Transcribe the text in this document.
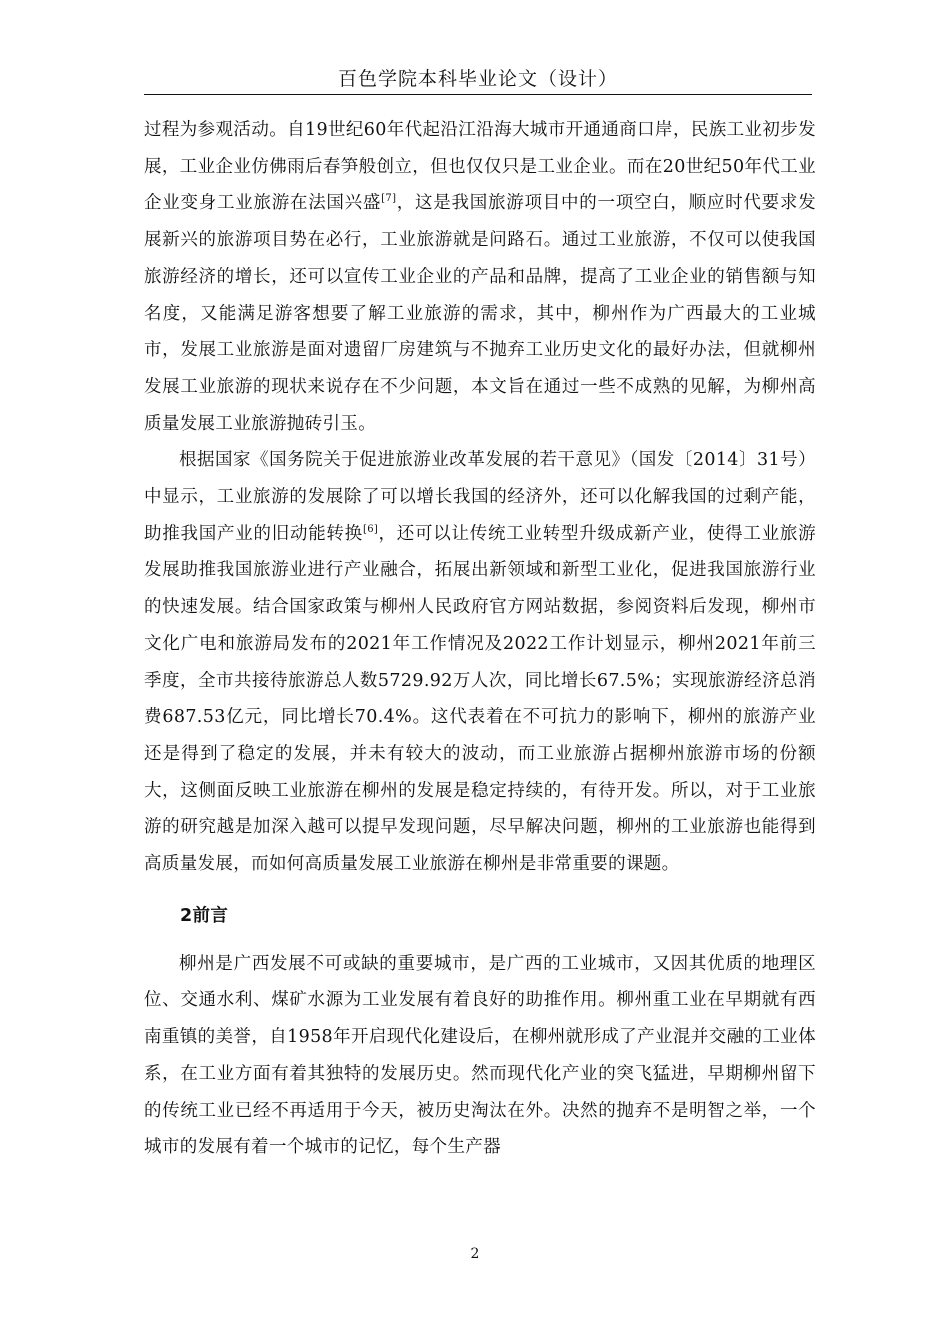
百色学院本科毕业论文（设计）

过程为参观活动。自19世纪60年代起沿江沿海大城市开通通商口岸，民族工业初步发展，工业企业仿佛雨后春笋般创立，但也仅仅只是工业企业。而在20世纪50年代工业企业变身工业旅游在法国兴盛[7]，这是我国旅游项目中的一项空白，顺应时代要求发展新兴的旅游项目势在必行，工业旅游就是问路石。通过工业旅游，不仅可以使我国旅游经济的增长，还可以宣传工业企业的产品和品牌，提高了工业企业的销售额与知名度，又能满足游客想要了解工业旅游的需求，其中，柳州作为广西最大的工业城市，发展工业旅游是面对遗留厂房建筑与不抛弃工业历史文化的最好办法，但就柳州发展工业旅游的现状来说存在不少问题，本文旨在通过一些不成熟的见解，为柳州高质量发展工业旅游抛砖引玉。

根据国家《国务院关于促进旅游业改革发展的若干意见》（国发〔2014〕31号）中显示，工业旅游的发展除了可以增长我国的经济外，还可以化解我国的过剩产能，助推我国产业的旧动能转换[6]，还可以让传统工业转型升级成新产业，使得工业旅游发展助推我国旅游业进行产业融合，拓展出新领域和新型工业化，促进我国旅游行业的快速发展。结合国家政策与柳州人民政府官方网站数据，参阅资料后发现，柳州市文化广电和旅游局发布的2021年工作情况及2022工作计划显示，柳州2021年前三季度，全市共接待旅游总人数5729.92万人次，同比增长67.5%；实现旅游经济总消费687.53亿元，同比增长70.4%。这代表着在不可抗力的影响下，柳州的旅游产业还是得到了稳定的发展，并未有较大的波动，而工业旅游占据柳州旅游市场的份额大，这侧面反映工业旅游在柳州的发展是稳定持续的，有待开发。所以，对于工业旅游的研究越是加深入越可以提早发现问题，尽早解决问题，柳州的工业旅游也能得到高质量发展，而如何高质量发展工业旅游在柳州是非常重要的课题。

2前言

柳州是广西发展不可或缺的重要城市，是广西的工业城市，又因其优质的地理区位、交通水利、煤矿水源为工业发展有着良好的助推作用。柳州重工业在早期就有西南重镇的美誉，自1958年开启现代化建设后，在柳州就形成了产业混并交融的工业体系，在工业方面有着其独特的发展历史。然而现代化产业的突飞猛进，早期柳州留下的传统工业已经不再适用于今天，被历史淘汰在外。决然的抛弃不是明智之举，一个城市的发展有着一个城市的记忆，每个生产器

2
